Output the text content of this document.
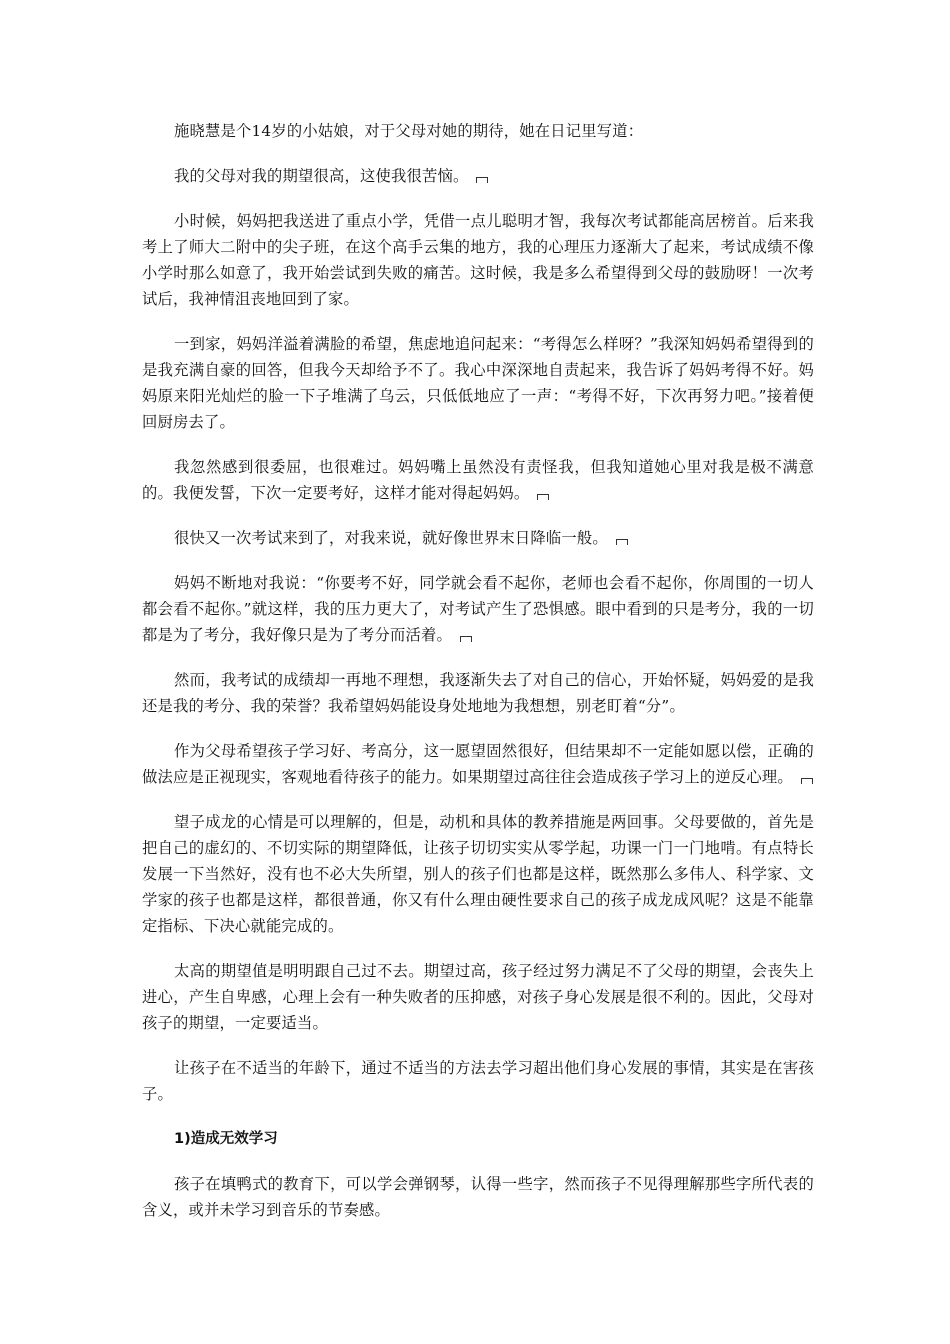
施晓慧是个14岁的小姑娘，对于父母对她的期待，她在日记里写道：

我的父母对我的期望很高，这使我很苦恼。

小时候，妈妈把我送进了重点小学，凭借一点儿聪明才智，我每次考试都能高居榜首。后来我考上了师大二附中的尖子班，在这个高手云集的地方，我的心理压力逐渐大了起来，考试成绩不像小学时那么如意了，我开始尝试到失败的痛苦。这时候，我是多么希望得到父母的鼓励呀！一次考试后，我神情沮丧地回到了家。

一到家，妈妈洋溢着满脸的希望，焦虑地追问起来：“考得怎么样呀？”我深知妈妈希望得到的是我充满自豪的回答，但我今天却给予不了。我心中深深地自责起来，我告诉了妈妈考得不好。妈妈原来阳光灿烂的脸一下子堆满了乌云，只低低地应了一声：“考得不好，下次再努力吧。”接着便回厨房去了。

我忽然感到很委屈，也很难过。妈妈嘴上虽然没有责怪我，但我知道她心里对我是极不满意的。我便发誓，下次一定要考好，这样才能对得起妈妈。

很快又一次考试来到了，对我来说，就好像世界末日降临一般。

妈妈不断地对我说：“你要考不好，同学就会看不起你，老师也会看不起你，你周围的一切人都会看不起你。”就这样，我的压力更大了，对考试产生了恐惧感。眼中看到的只是考分，我的一切都是为了考分，我好像只是为了考分而活着。

然而，我考试的成绩却一再地不理想，我逐渐失去了对自己的信心，开始怀疑，妈妈爱的是我还是我的考分、我的荣誉？我希望妈妈能设身处地地为我想想，别老盯着“分”。

作为父母希望孩子学习好、考高分，这一愿望固然很好，但结果却不一定能如愿以偿，正确的做法应是正视现实，客观地看待孩子的能力。如果期望过高往往会造成孩子学习上的逆反心理。

望子成龙的心情是可以理解的，但是，动机和具体的教养措施是两回事。父母要做的，首先是把自己的虚幻的、不切实际的期望降低，让孩子切切实实从零学起，功课一门一门地啃。有点特长发展一下当然好，没有也不必大失所望，别人的孩子们也都是这样，既然那么多伟人、科学家、文学家的孩子也都是这样，都很普通，你又有什么理由硬性要求自己的孩子成龙成风呢？这是不能靠定指标、下决心就能完成的。

太高的期望值是明明跟自己过不去。期望过高，孩子经过努力满足不了父母的期望，会丧失上进心，产生自卑感，心理上会有一种失败者的压抑感，对孩子身心发展是很不利的。因此，父母对孩子的期望，一定要适当。

让孩子在不适当的年龄下，通过不适当的方法去学习超出他们身心发展的事情，其实是在害孩子。

1)造成无效学习

孩子在填鸭式的教育下，可以学会弹钢琴，认得一些字，然而孩子不见得理解那些字所代表的含义，或并未学习到音乐的节奏感。
